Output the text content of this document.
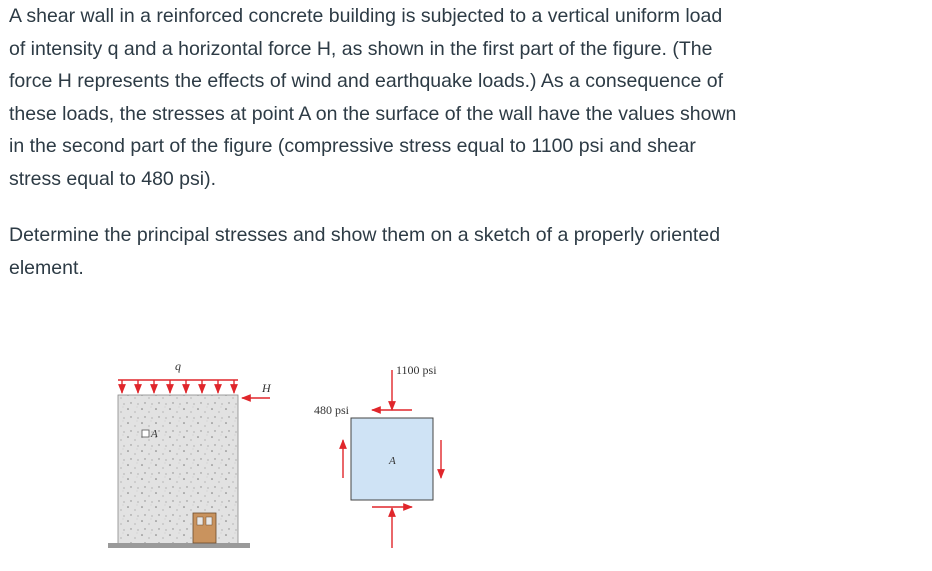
A shear wall in a reinforced concrete building is subjected to a vertical uniform load

of intensity q and a horizontal force H, as shown in the first part of the figure. (The

force H represents the effects of wind and earthquake loads.) As a consequence of

these loads, the stresses at point A on the surface of the wall have the values shown

in the second part of the figure (compressive stress equal to 1100 psi and shear

stress equal to 480 psi).

Determine the principal stresses and show them on a sketch of a properly oriented

element.

A
q
H
A
1100 psi
480 psi
